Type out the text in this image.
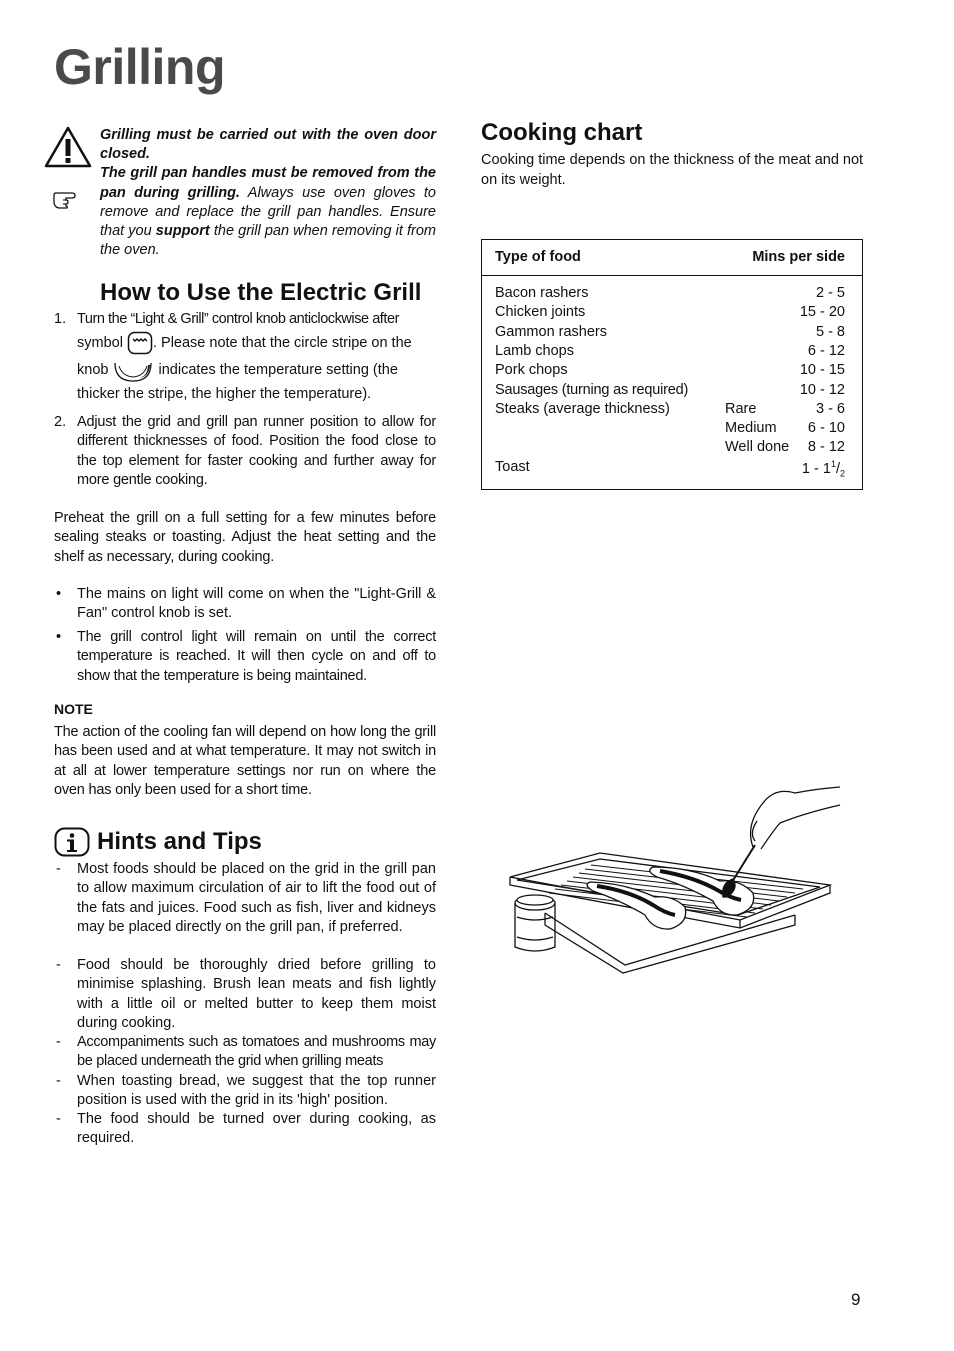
Grilling
Grilling must be carried out with the oven door closed.
The grill pan handles must be removed from the pan during grilling. Always use oven gloves to remove and replace the grill pan handles. Ensure that you support the grill pan when removing it from the oven.
How to Use the Electric Grill
1. Turn the “Light & Grill” control knob anticlockwise after
symbol . Please note that the circle stripe on the
knob	indicates the temperature setting (the
thicker the stripe, the higher the temperature).
2. Adjust the grid and grill pan runner position to allow for different thicknesses of food. Position the food close to the top element for faster cooking and further away for more gentle cooking.
Preheat the grill on a full setting for a few minutes before sealing steaks or toasting. Adjust the heat setting and the shelf as necessary, during cooking.
• The mains on light will come on when the "Light-Grill & Fan" control knob is set.
• The grill control light will remain on until the correct temperature is reached. It will then cycle on and off to show that the temperature is being maintained.
NOTE
The action of the cooling fan will depend on how long the grill has been used and at what temperature. It may not switch in at all at lower temperature settings nor run on where the oven has only been used for a short time.
Hints and Tips
- Most foods should be placed on the grid in the grill pan to allow maximum circulation of air to lift the food out of the fats and juices. Food such as fish, liver and kidneys may be placed directly on the grill pan, if preferred.
- Food should be thoroughly dried before grilling to minimise splashing. Brush lean meats and fish lightly with a little oil or melted butter to keep them moist during cooking.
- Accompaniments such as tomatoes and mushrooms may be placed underneath the grid when grilling meats
- When toasting bread, we suggest that the top runner position is used with the grid in its 'high' position.
- The food should be turned over during cooking, as required.
Cooking chart
Cooking time depends on the thickness of the meat and not on its weight.
Type of food	Mins per side
Bacon rashers	2 - 5
Chicken joints	15 - 20
Gammon rashers	5 - 8
Lamb chops	6 - 12
Pork chops	10 - 15
Sausages (turning as required)	10 - 12
Steaks (average thickness)	Rare	3 - 6
Medium 6 - 10
Well done 8 - 12
Toast	$1 - 1^1/_2$
9
